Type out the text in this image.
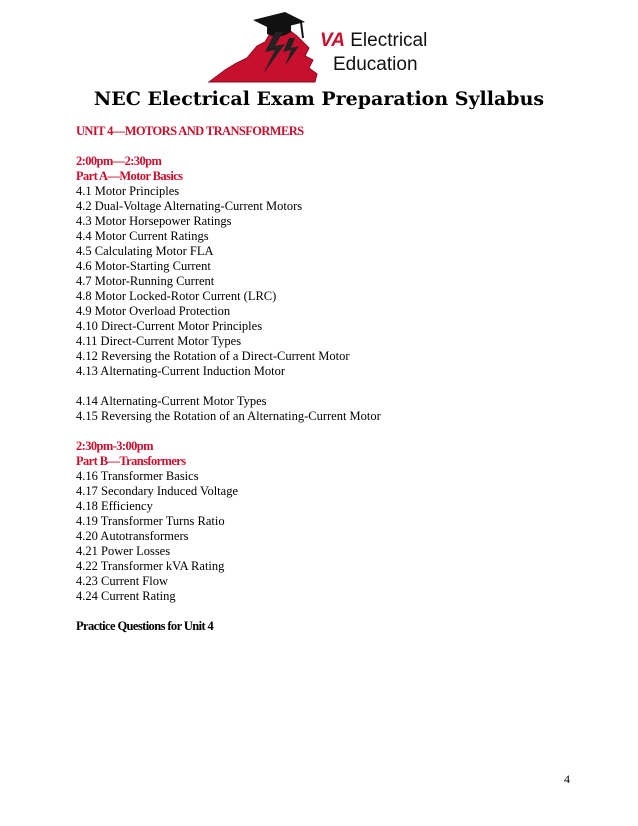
VA Electrical
Education
NEC Electrical Exam Preparation Syllabus
UNIT 4—MOTORS AND TRANSFORMERS
2:00pm—2:30pm
Part A—Motor Basics
4.1 Motor Principles
4.2 Dual-Voltage Alternating-Current Motors
4.3 Motor Horsepower Ratings
4.4 Motor Current Ratings
4.5 Calculating Motor FLA
4.6 Motor-Starting Current
4.7 Motor-Running Current
4.8 Motor Locked-Rotor Current (LRC)
4.9 Motor Overload Protection
4.10 Direct-Current Motor Principles
4.11 Direct-Current Motor Types
4.12 Reversing the Rotation of a Direct-Current Motor
4.13 Alternating-Current Induction Motor
4.14 Alternating-Current Motor Types
4.15 Reversing the Rotation of an Alternating-Current Motor
2:30pm-3:00pm
Part B—Transformers
4.16 Transformer Basics
4.17 Secondary Induced Voltage
4.18 Efficiency
4.19 Transformer Turns Ratio
4.20 Autotransformers
4.21 Power Losses
4.22 Transformer kVA Rating
4.23 Current Flow
4.24 Current Rating
Practice Questions for Unit 4
4
